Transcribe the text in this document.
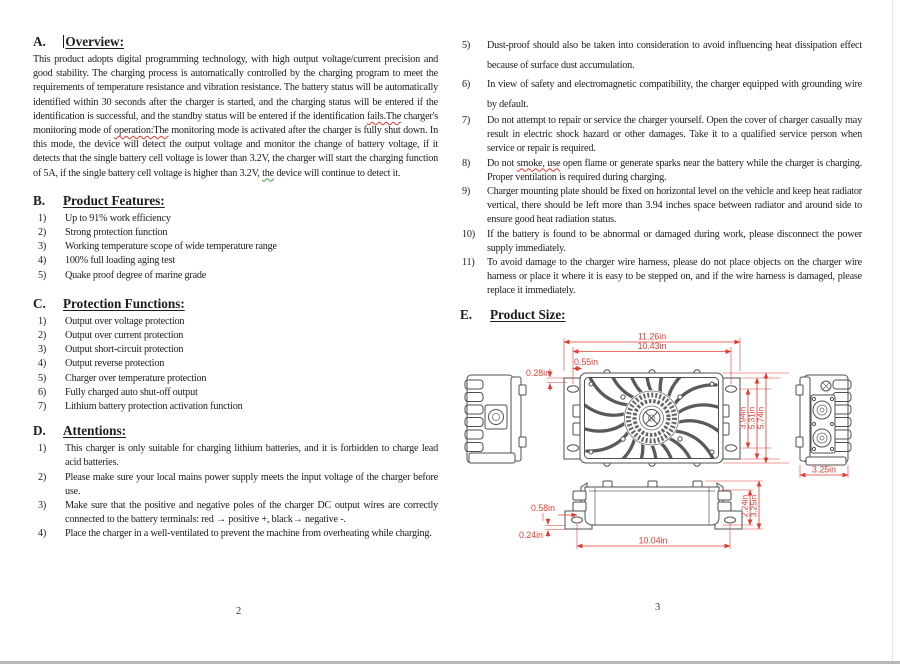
A.	Overview:

This product adopts digital programming technology, with high output voltage/current precision and good stability. The charging process is automatically controlled by the charging program to meet the requirements of temperature resistance and vibration resistance. The battery status will be automatically identified within 30 seconds after the charger is started, and the charging status will be entered if the identification is successful, and the standby status will be entered if the identification fails.The charger's monitoring mode of operation:The monitoring mode is activated after the charger is fully shut down. In this mode, the device will detect the output voltage and monitor the change of battery voltage, if it detects that the single battery cell voltage is lower than 3.2V, the charger will start the charging function of 5A, if the single battery cell voltage is higher than 3.2V, the device will continue to detect it.

B.	Product Features:
1)	Up to 91% work efficiency
2)	Strong protection function
3)	Working temperature scope of wide temperature range
4)	100% full loading aging test
5)	Quake proof degree of marine grade
C.	Protection Functions:
1)	Output over voltage protection
2)	Output over current protection
3)	Output short-circuit protection
4)	Output reverse protection
5)	Charger over temperature protection
6)	Fully charged auto shut-off output
7)	Lithium battery protection activation function
D.	Attentions:
1)	This charger is only suitable for charging lithium batteries, and it is forbidden to charge lead acid batteries.
2)	Please make sure your local mains power supply meets the input voltage of the charger before use.
3)	Make sure that the positive and negative poles of the charger DC output wires are correctly connected to the battery terminals: red → positive +, black→ negative -.
4)	Place the charger in a well-ventilated to prevent the machine from overheating while charging.
5)	Dust-proof should also be taken into consideration to avoid influencing heat dissipation effect because of surface dust accumulation.
6)	In view of safety and electromagnetic compatibility, the charger equipped with grounding wire by default.
7)	Do not attempt to repair or service the charger yourself. Open the cover of charger casually may result in electric shock hazard or other damages. Take it to a qualified service person when service or repair is required.
8)	Do not smoke, use open flame or generate sparks near the battery while the charger is charging. Proper ventilation is required during charging.
9)	Charger mounting plate should be fixed on horizontal level on the vehicle and keep heat radiator vertical, there should be left more than 3.94 inches space between radiator and around side to ensure good heat radiation status.
10)	If the battery is found to be abnormal or damaged during work, please disconnect the power supply immediately.
11)	To avoid damage to the charger wire harness, please do not place objects on the charger wire harness or place it where it is easy to be stepped on, and if the wire harness is damaged, please replace it immediately.
E.	Product Size:
11.26in
10.43in
0.55in
0.28in
3.94in 5.31in 5.74in
3.25in
10.04in
0.58in
0.24in
2.24in 3.25in
2	3
